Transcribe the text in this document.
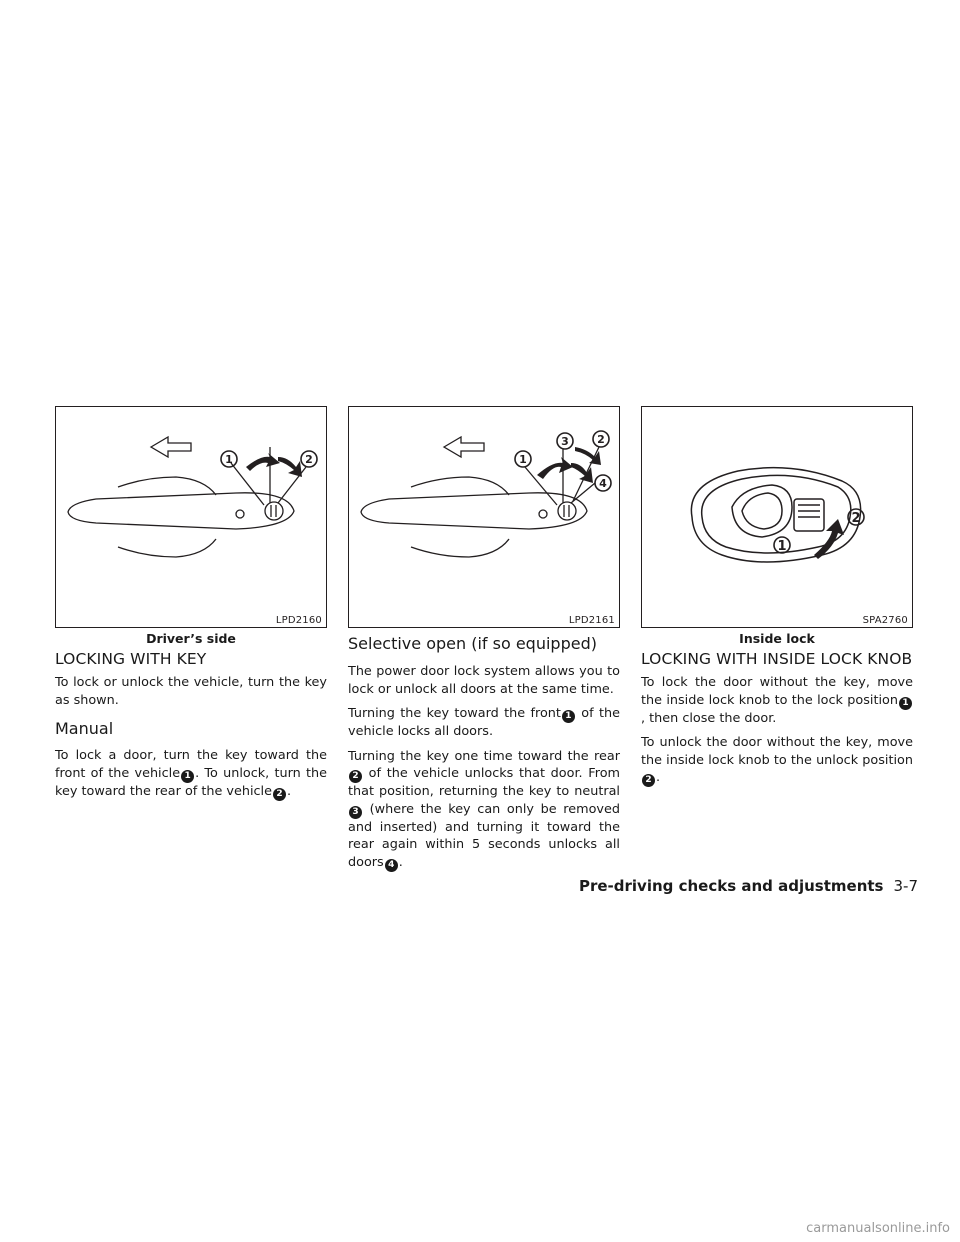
1	2
LPD2160
Driver’s side
1
3	2
4
LPD2161
1
2
SPA2760
Inside lock
LOCKING WITH KEY

To lock or unlock the vehicle, turn the key as shown.

Manual

To lock a door, turn the key toward the front of the vehicle 1 . To unlock, turn the key toward the rear of the vehicle 2 .

Selective open (if so equipped)

The power door lock system allows you to lock or unlock all doors at the same time.

Turning the key toward the front 1 of the vehicle locks all doors.

Turning the key one time toward the rear2 of the vehicle unlocks that door. From that position, returning the key to neutral3 (where the key can only be removed and inserted) and turning it toward the rear again within 5 seconds unlocks all doors 4 .

LOCKING WITH INSIDE LOCK KNOB

To lock the door without the key, move the inside lock knob to the lock position 1, then close the door.

To unlock the door without the key, move the inside lock knob to the unlock position2 .

Pre-driving checks and adjustments 3-7
carmanualsonline.info
